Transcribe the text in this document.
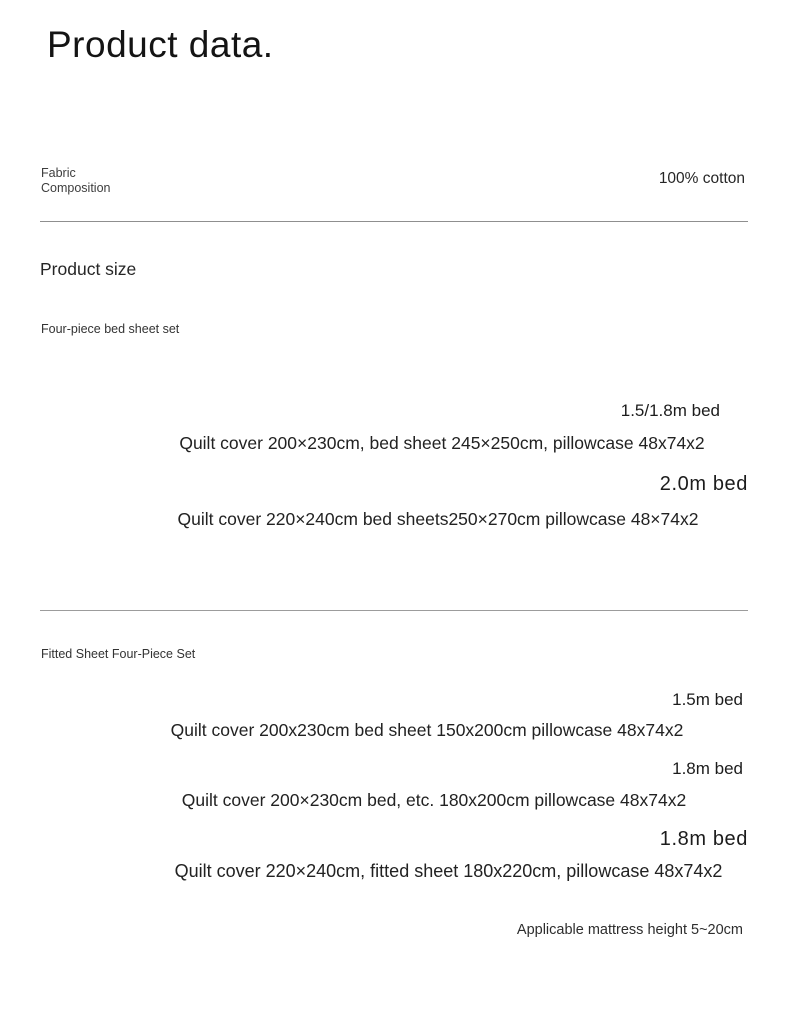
Product data.
Fabric Composition
100% cotton
Product size
Four-piece bed sheet set
1.5/1.8m bed
Quilt cover 200×230cm, bed sheet 245×250cm, pillowcase 48x74x2
2.0m bed
Quilt cover 220×240cm bed sheets250×270cm pillowcase 48×74x2
Fitted Sheet Four-Piece Set
1.5m bed
Quilt cover 200x230cm bed sheet 150x200cm pillowcase 48x74x2
1.8m bed
Quilt cover 200×230cm bed, etc. 180x200cm pillowcase 48x74x2
1.8m bed
Quilt cover 220×240cm, fitted sheet 180x220cm, pillowcase 48x74x2
Applicable mattress height 5~20cm
